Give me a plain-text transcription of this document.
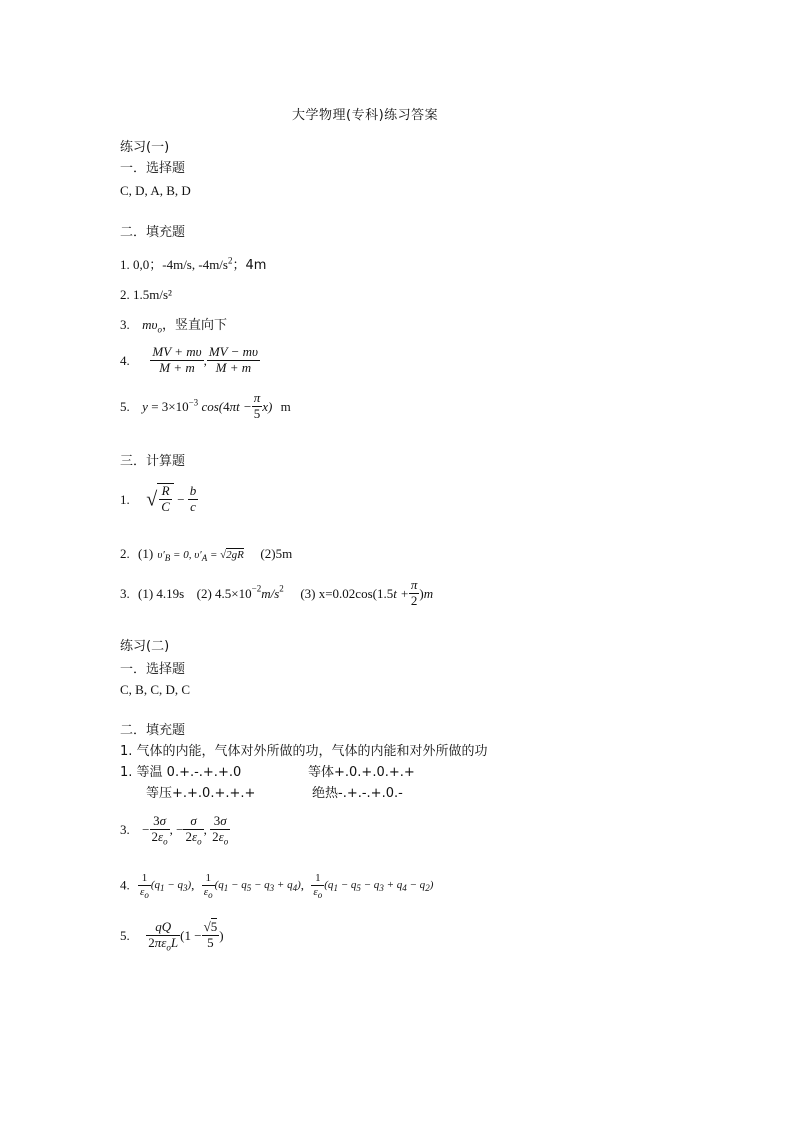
大学物理(专科)练习答案
练习(一)
一．选择题
C, D, A, B, D
二．填充题
1. 0,0；-4m/s, $-4m/s^2$；4m
2. 1.5m/s²
3. $m\upsilon_o$，竖直向下
4. $\frac{MV + m\upsilon}{M + m}$ , $\frac{MV - m\upsilon}{M + m}$
5. $y = 3\times 10^{-3}$ $\cos(4\pi t - \frac{\pi}{5} x)$ m
三．计算题
1. √ $\frac{R}{C} - \frac{b}{c}$
2. (1) $\upsilon'_B = 0$, $\upsilon'_A = √2gR$ (2)5m
3. (1) 4.19s (2) $4.5\times 10^{-2}m/s^2$ (3) $x=0.02\cos(1.5t + \frac{\pi}{2} )m$
练习(二)
一．选择题
C, B, C, D, C
二．填充题
1. 气体的内能，气体对外所做的功，气体的内能和对外所做的功
1. 等温 0.+.-.+.+.0	等体+.0.+.0.+.+
等压+.+.0.+.+.+	绝热-.+.-.+.0.-
3. − $\frac{3\sigma}{2\varepsilon_o}$ , − $\frac{\sigma}{2\varepsilon_o}$ , $\frac{3\sigma}{2\varepsilon_o}$
4. $\frac{1}{\varepsilon_o} (q_1 - q_3)$, $\frac{1}{\varepsilon_o} (q_1 - q_5 - q_3 + q_4)$, $\frac{1}{\varepsilon_o} (q_1 - q_5 - q_3 + q_4 - q_2)$
5. $\frac{qQ}{2\pi\varepsilon_oL} (1 - \frac{√5}{5}$ )
